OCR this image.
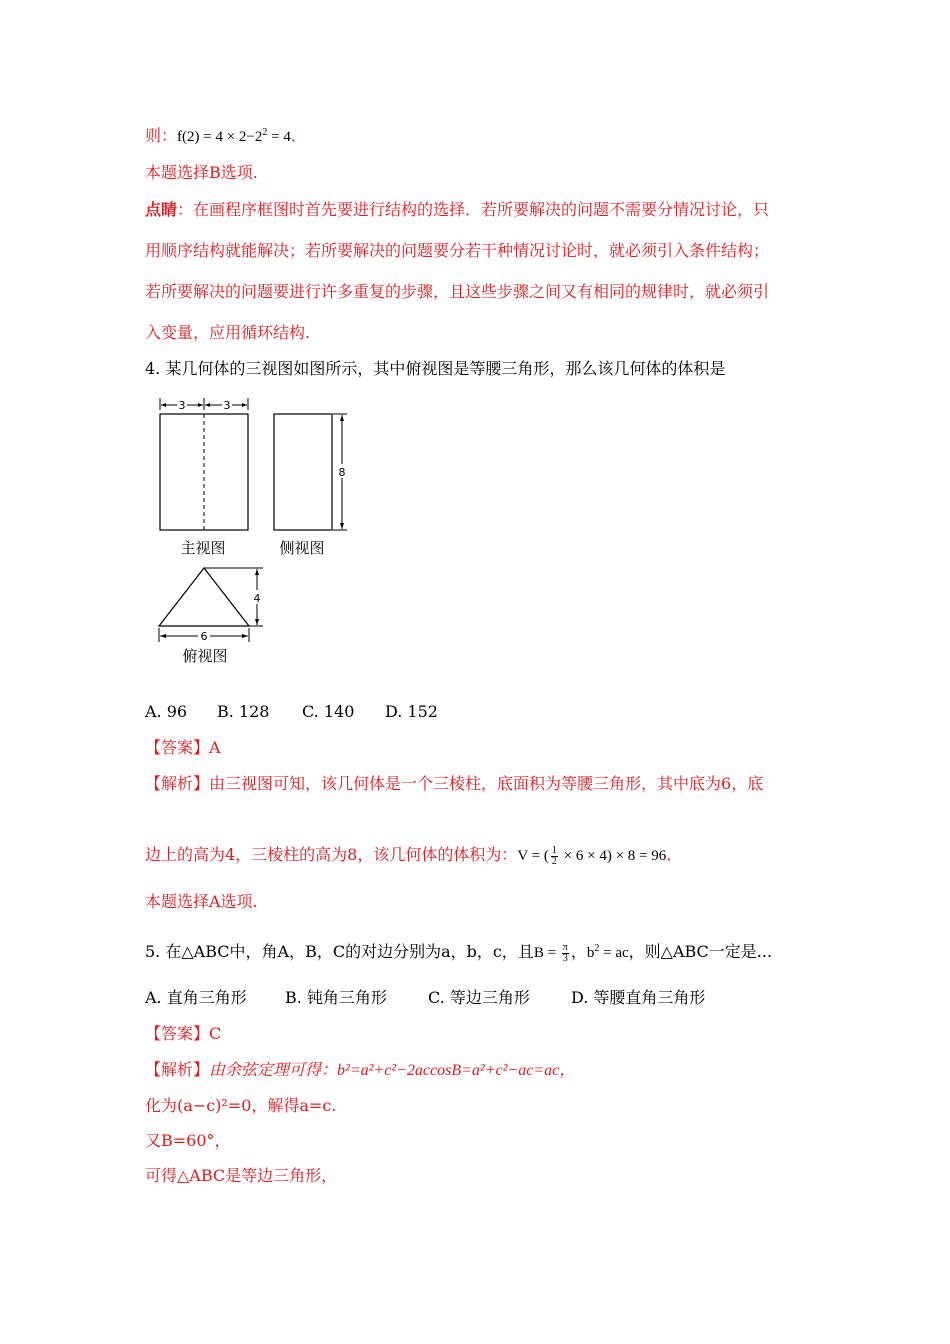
则：$f(2) = 4 \times 2-2^2 = 4$．
本题选择B选项.
点睛：在画程序框图时首先要进行结构的选择．若所要解决的问题不需要分情况讨论，只
用顺序结构就能解决；若所要解决的问题要分若干种情况讨论时，就必须引入条件结构；
若所要解决的问题要进行许多重复的步骤，且这些步骤之间又有相同的规律时，就必须引
入变量，应用循环结构.
4. 某几何体的三视图如图所示，其中俯视图是等腰三角形，那么该几何体的体积是
3	3
主视图
8
侧视图
4
6
俯视图
A. 96 B. 128 C. 140 D. 152
【答案】A
【解析】由三视图可知，该几何体是一个三棱柱，底面积为等腰三角形，其中底为6，底
边上的高为4，三棱柱的高为8，该几何体的体积为：V = ( $\frac{1}{2} \times 6 \times 4) \times 8 = 96$．
本题选择A选项.
5. 在△ABC中，角A，B，C的对边分别为a，b，c，且$B = \frac{\pi}{3}$ ，$b^2$ = ac，则△ABC一定是...
A. 直角三角形 B. 钝角三角形	C. 等边三角形	D. 等腰直角三角形
【答案】C
【解析】由余弦定理可得：b²=a²+c²−2accosB=a²+c²−ac=ac，
化为(a−c)²=0，解得a=c.
又B=60°，
可得△ABC是等边三角形，
